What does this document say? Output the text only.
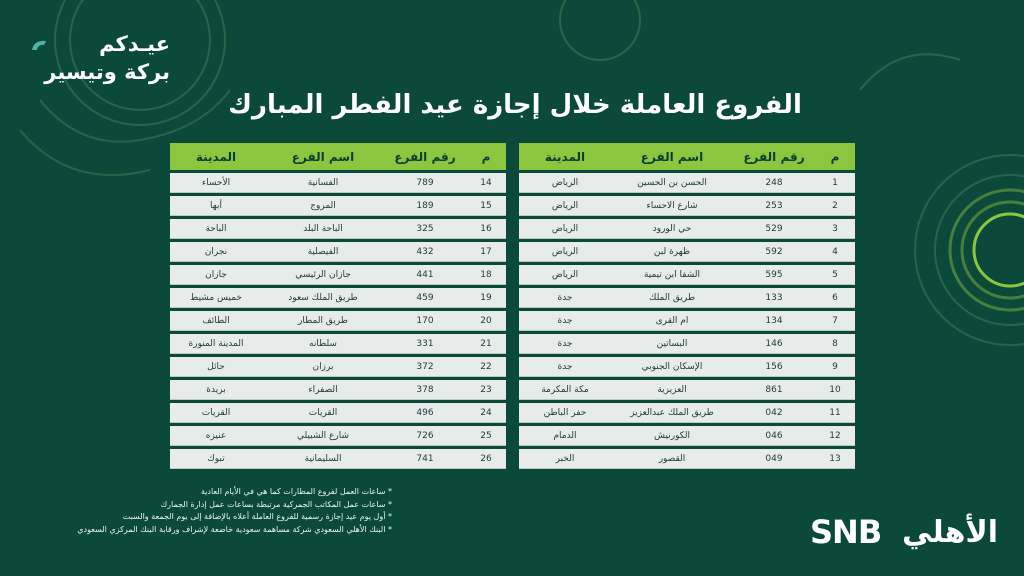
عيـدكم
بركة وتيسير
الفروع العاملة خلال إجازة عيد الفطر المبارك
م	رقم الفرع	اسم الفرع	المدينة
1	248	الحسن بن الحسين	الرياض
2	253	شارع الاحساء	الرياض
3	529	حي الورود	الرياض
4	592	ظهرة لبن	الرياض
5	595	الشفا ابن تيمية	الرياض
6	133	طريق الملك	جدة
7	134	ام القرى	جدة
8	146	البساتين	جدة
9	156	الإسكان الجنوبي	جدة
10	861	العزيزية	مكة المكرمة
11	042	طريق الملك عبدالعزيز	حفر الباطن
12	046	الكورنيش	الدمام
13	049	القصور	الخبر
م	رقم الفرع	اسم الفرع	المدينة
14	789	الفسانية	الأحساء
15	189	المروج	أبها
16	325	الباحة البلد	الباحة
17	432	الفيصلية	نجران
18	441	جازان الرئيسي	جازان
19	459	طريق الملك سعود	خميس مشيط
20	170	طريق المطار	الطائف
21	331	سلطانه	المدينة المنورة
22	372	برزان	حائل
23	378	الصفراء	بريدة
24	496	القريات	القريات
25	726	شارع الشبيلي	عنيزه
26	741	السليمانية	تبوك
* ساعات العمل لفروع المطارات كما هي في الأيام العادية
* ساعات عمل المكاتب الجمركية مرتبطة بساعات عمل إدارة الجمارك
* أول يوم عيد إجازة رسمية للفروع العاملة أعلاه بالإضافة إلى يوم الجمعة والسبت
* البنك الأهلي السعودي شركة مساهمة سعودية خاضعة لإشراف ورقابة البنك المركزي السعودي	الأهلي
SNB
